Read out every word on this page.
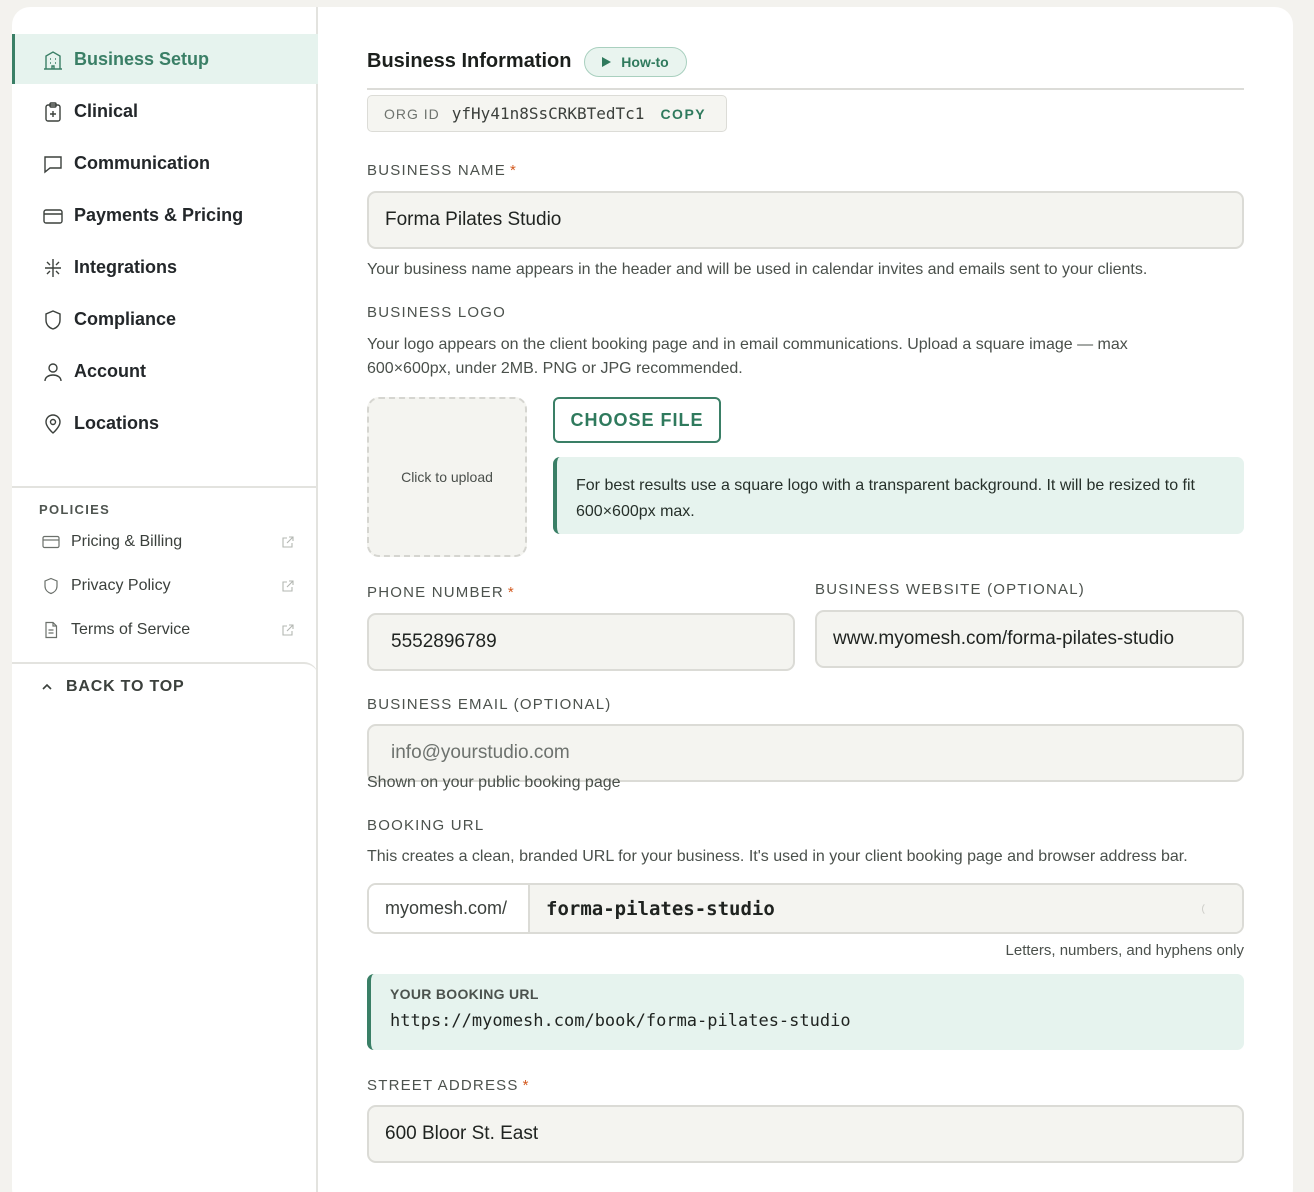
Business Setup
Clinical
Communication
Payments & Pricing
Integrations
Compliance
Account
Locations
POLICIES
Pricing & Billing
Privacy Policy
Terms of Service
BACK TO TOP
Business Information	How-to
ORG ID yfHy41n8SsCRKBTedTc1 COPY
BUSINESS NAME *
Forma Pilates Studio
Your business name appears in the header and will be used in calendar invites and emails sent to your clients.
BUSINESS LOGO
Your logo appears on the client booking page and in email communications. Upload a square image — max 600×600px, under 2MB. PNG or JPG recommended.
Click to upload
CHOOSE FILE
For best results use a square logo with a transparent background. It will be resized to fit 600×600px max.
PHONE NUMBER *
5552896789
BUSINESS WEBSITE (OPTIONAL)
www.myomesh.com/forma-pilates-studio
BUSINESS EMAIL (OPTIONAL)
info@yourstudio.com
Shown on your public booking page
BOOKING URL
This creates a clean, branded URL for your business. It's used in your client booking page and browser address bar.
myomesh.com/	forma-pilates-studio
Letters, numbers, and hyphens only
YOUR BOOKING URL
https://myomesh.com/book/forma-pilates-studio
STREET ADDRESS *
600 Bloor St. East
